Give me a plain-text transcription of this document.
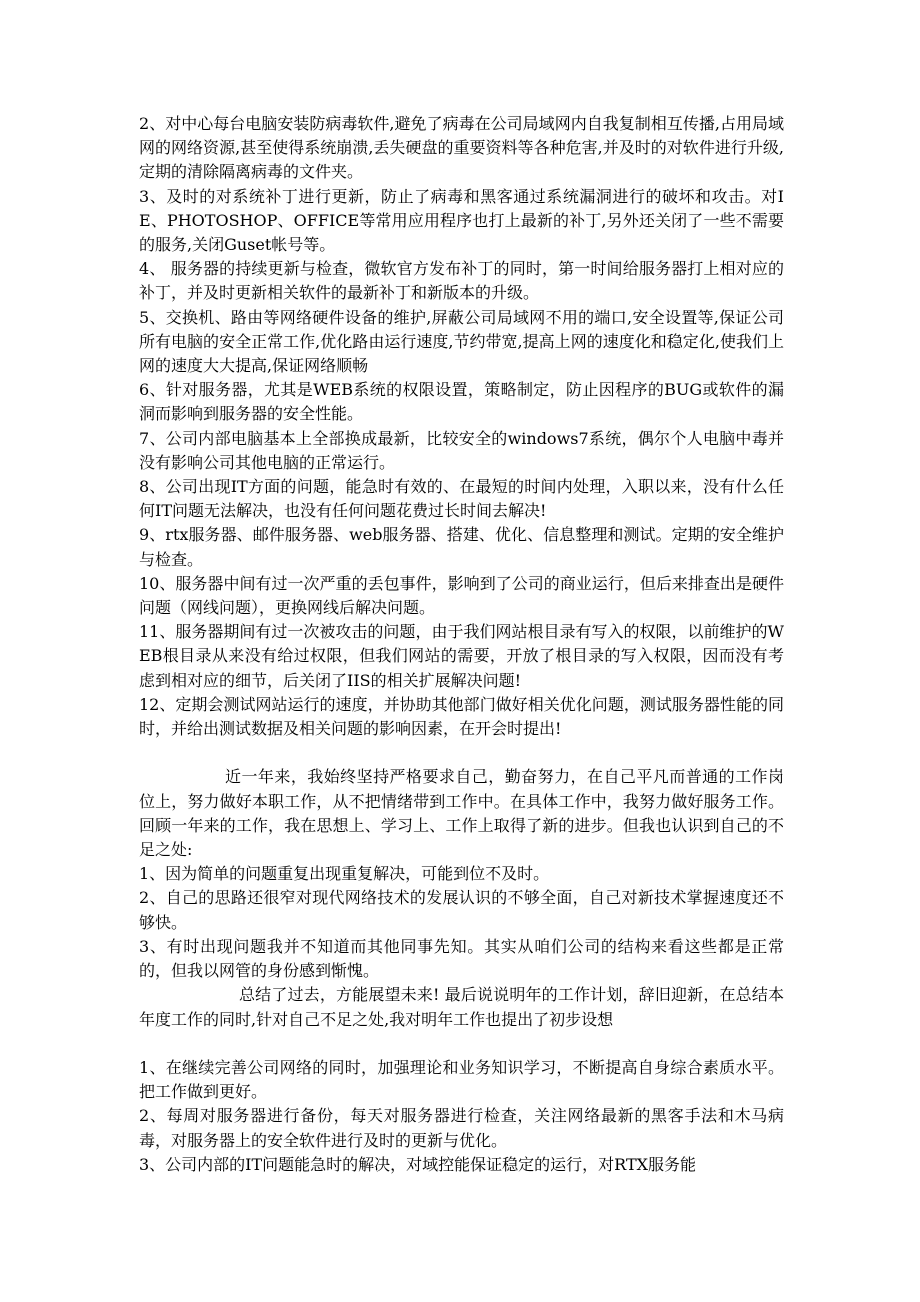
2、对中心每台电脑安装防病毒软件,避免了病毒在公司局域网内自我复制相互传播,占用局域网的网络资源,甚至使得系统崩溃,丢失硬盘的重要资料等各种危害,并及时的对软件进行升级,定期的清除隔离病毒的文件夹。

3、及时的对系统补丁进行更新，防止了病毒和黑客通过系统漏洞进行的破坏和攻击。对IE、PHOTOSHOP、OFFICE等常用应用程序也打上最新的补丁,另外还关闭了一些不需要的服务,关闭Guset帐号等。

4、 服务器的持续更新与检查，微软官方发布补丁的同时，第一时间给服务器打上相对应的补丁，并及时更新相关软件的最新补丁和新版本的升级。

5、交换机、路由等网络硬件设备的维护,屏蔽公司局域网不用的端口,安全设置等,保证公司所有电脑的安全正常工作,优化路由运行速度,节约带宽,提高上网的速度化和稳定化,使我们上网的速度大大提高,保证网络顺畅

6、针对服务器，尤其是WEB系统的权限设置，策略制定，防止因程序的BUG或软件的漏洞而影响到服务器的安全性能。

7、公司内部电脑基本上全部换成最新，比较安全的windows7系统，偶尔个人电脑中毒并没有影响公司其他电脑的正常运行。

8、公司出现IT方面的问题，能急时有效的、在最短的时间内处理，入职以来，没有什么任何IT问题无法解决，也没有任何问题花费过长时间去解决!

9、rtx服务器、邮件服务器、web服务器、搭建、优化、信息整理和测试。定期的安全维护与检查。

10、服务器中间有过一次严重的丢包事件，影响到了公司的商业运行，但后来排查出是硬件问题（网线问题），更换网线后解决问题。

11、服务器期间有过一次被攻击的问题，由于我们网站根目录有写入的权限，以前维护的WEB根目录从来没有给过权限，但我们网站的需要，开放了根目录的写入权限，因而没有考虑到相对应的细节，后关闭了IIS的相关扩展解决问题!

12、定期会测试网站运行的速度，并协助其他部门做好相关优化问题，测试服务器性能的同时，并给出测试数据及相关问题的影响因素，在开会时提出!

近一年来，我始终坚持严格要求自己，勤奋努力，在自己平凡而普通的工作岗位上，努力做好本职工作，从不把情绪带到工作中。在具体工作中，我努力做好服务工作。回顾一年来的工作，我在思想上、学习上、工作上取得了新的进步。但我也认识到自己的不足之处:

1、因为简单的问题重复出现重复解决，可能到位不及时。

2、自己的思路还很窄对现代网络技术的发展认识的不够全面，自己对新技术掌握速度还不够快。

3、有时出现问题我并不知道而其他同事先知。其实从咱们公司的结构来看这些都是正常的，但我以网管的身份感到惭愧。

总结了过去，方能展望未来! 最后说说明年的工作计划，辞旧迎新，在总结本年度工作的同时,针对自己不足之处,我对明年工作也提出了初步设想

1、在继续完善公司网络的同时，加强理论和业务知识学习，不断提高自身综合素质水平。把工作做到更好。

2、每周对服务器进行备份，每天对服务器进行检查，关注网络最新的黑客手法和木马病毒，对服务器上的安全软件进行及时的更新与优化。

3、公司内部的IT问题能急时的解决，对域控能保证稳定的运行，对RTX服务能
